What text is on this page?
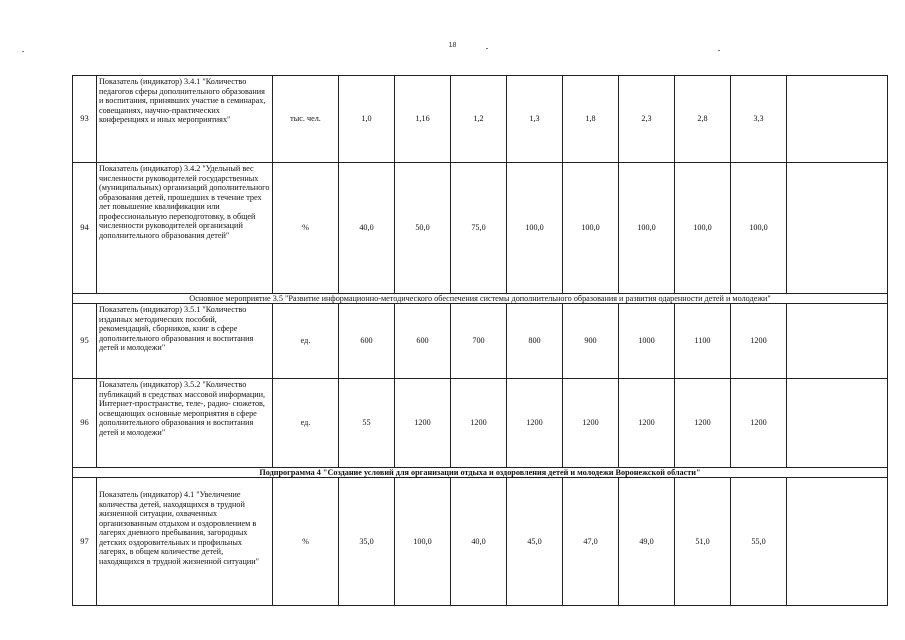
18
93	Показатель (индикатор) 3.4.1 "Количество педагогов сферы дополнительного образования и воспитания, принявших участие в семинарах, совещаниях, научно-практических конференциях и иных мероприятиях"	тыс. чел.	1,0	1,16	1,2	1,3	1,8	2,3	2,8	3,3	
94	Показатель (индикатор) 3.4.2 "Удельный вес численности руководителей государственных (муниципальных) организаций дополнительного образования детей, прошедших в течение трех лет повышение квалификации или профессиональную переподготовку, в общей численности руководителей организаций дополнительного образования детей"	%	40,0	50,0	75,0	100,0	100,0	100,0	100,0	100,0	
Основное мероприятие 3.5 "Развитие информационно-методического обеспечения системы дополнительного образования и развития одаренности детей и молодежи"											
95	Показатель (индикатор) 3.5.1 "Количество изданных методических пособий, рекомендаций, сборников, книг в сфере дополнительного образования и воспитания детей и молодежи"	ед.	600	600	700	800	900	1000	1100	1200	
96	Показатель (индикатор) 3.5.2 "Количество публикаций в средствах массовой информации, Интернет-пространстве, теле-, радио- сюжетов, освещающих основные мероприятия в сфере дополнительного образования и воспитания детей и молодежи"	ед.	55	1200	1200	1200	1200	1200	1200	1200	
Подпрограмма 4 "Создание условий для организации отдыха и оздоровления детей и молодежи Воронежской области"											
97	Показатель (индикатор) 4.1 "Увеличение количества детей, находящихся в трудной жизненной ситуации, охваченных организованным отдыхом и оздоровлением в лагерях дневного пребывания, загородных детских оздоровительных и профильных лагерях, в общем количестве детей, находящихся в трудной жизненной ситуации"	%	35,0	100,0	40,0	45,0	47,0	49,0	51,0	55,0	
